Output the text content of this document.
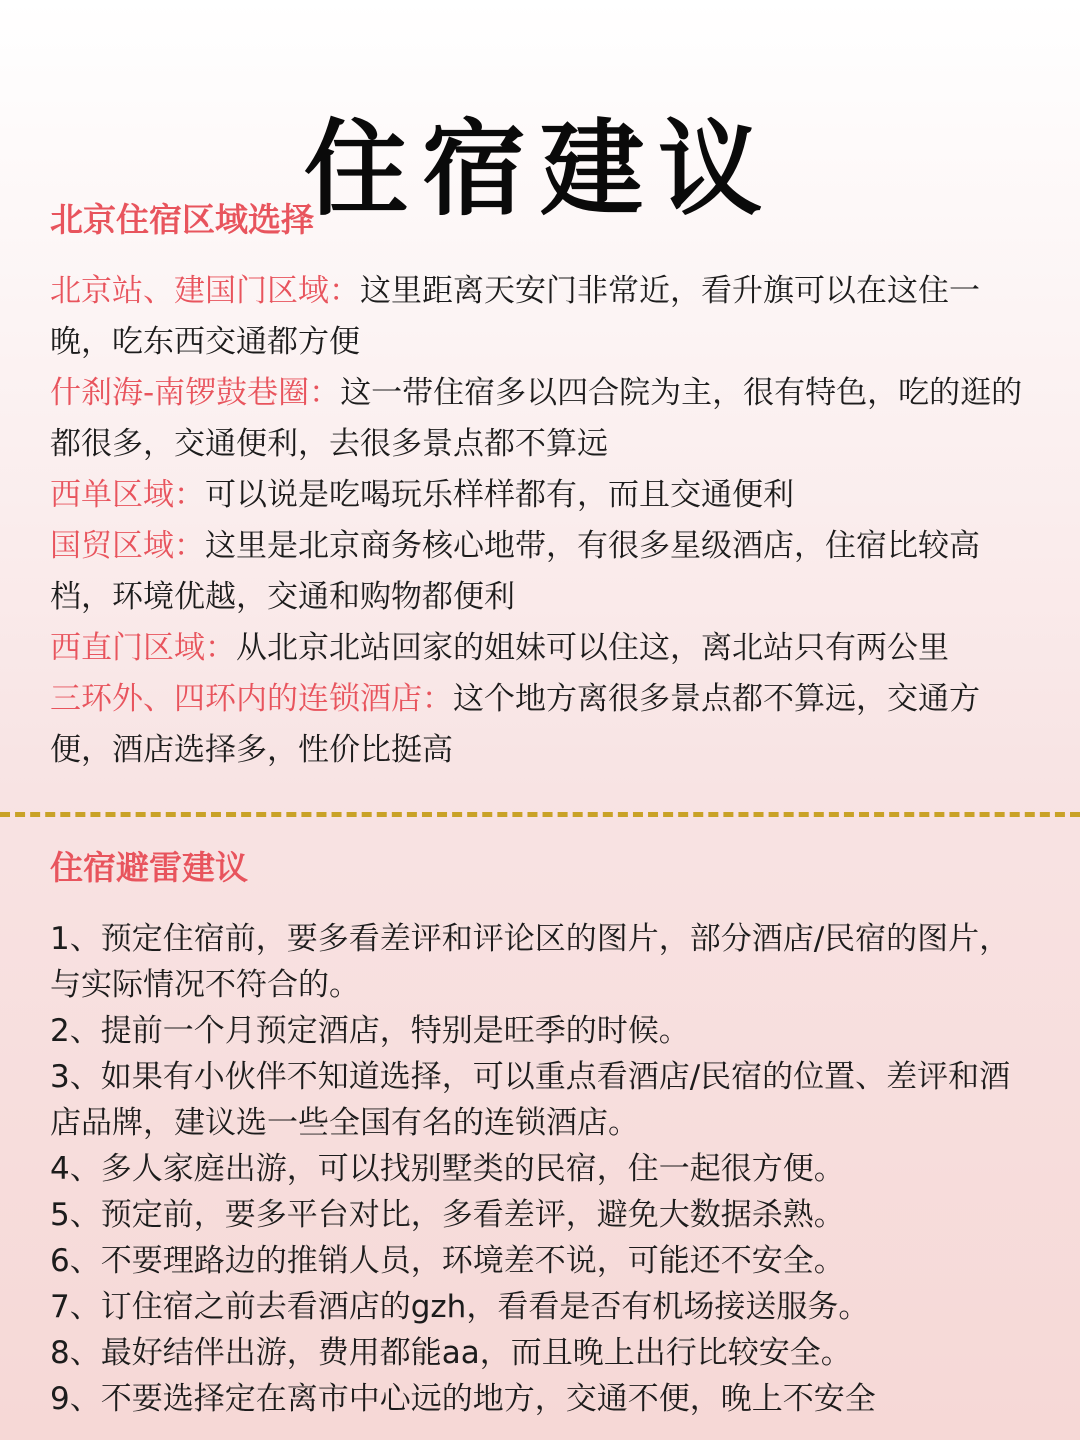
住宿建议
北京住宿区域选择

北京站、建国门区域：这里距离天安门非常近，看升旗可以在这住一晚，吃东西交通都方便

什刹海-南锣鼓巷圈：这一带住宿多以四合院为主，很有特色，吃的逛的都很多，交通便利，去很多景点都不算远

西单区域：可以说是吃喝玩乐样样都有，而且交通便利

国贸区域：这里是北京商务核心地带，有很多星级酒店，住宿比较高档，环境优越，交通和购物都便利

西直门区域：从北京北站回家的姐妹可以住这，离北站只有两公里

三环外、四环内的连锁酒店：这个地方离很多景点都不算远，交通方便，酒店选择多，性价比挺高

住宿避雷建议

1、预定住宿前，要多看差评和评论区的图片，部分酒店/民宿的图片，与实际情况不符合的。

2、提前一个月预定酒店，特别是旺季的时候。

3、如果有小伙伴不知道选择，可以重点看酒店/民宿的位置、差评和酒店品牌，建议选一些全国有名的连锁酒店。

4、多人家庭出游，可以找别墅类的民宿，住一起很方便。

5、预定前，要多平台对比，多看差评，避免大数据杀熟。

6、不要理路边的推销人员，环境差不说，可能还不安全。

7、订住宿之前去看酒店的gzh，看看是否有机场接送服务。

8、最好结伴出游，费用都能aa，而且晚上出行比较安全。

9、不要选择定在离市中心远的地方，交通不便，晚上不安全
